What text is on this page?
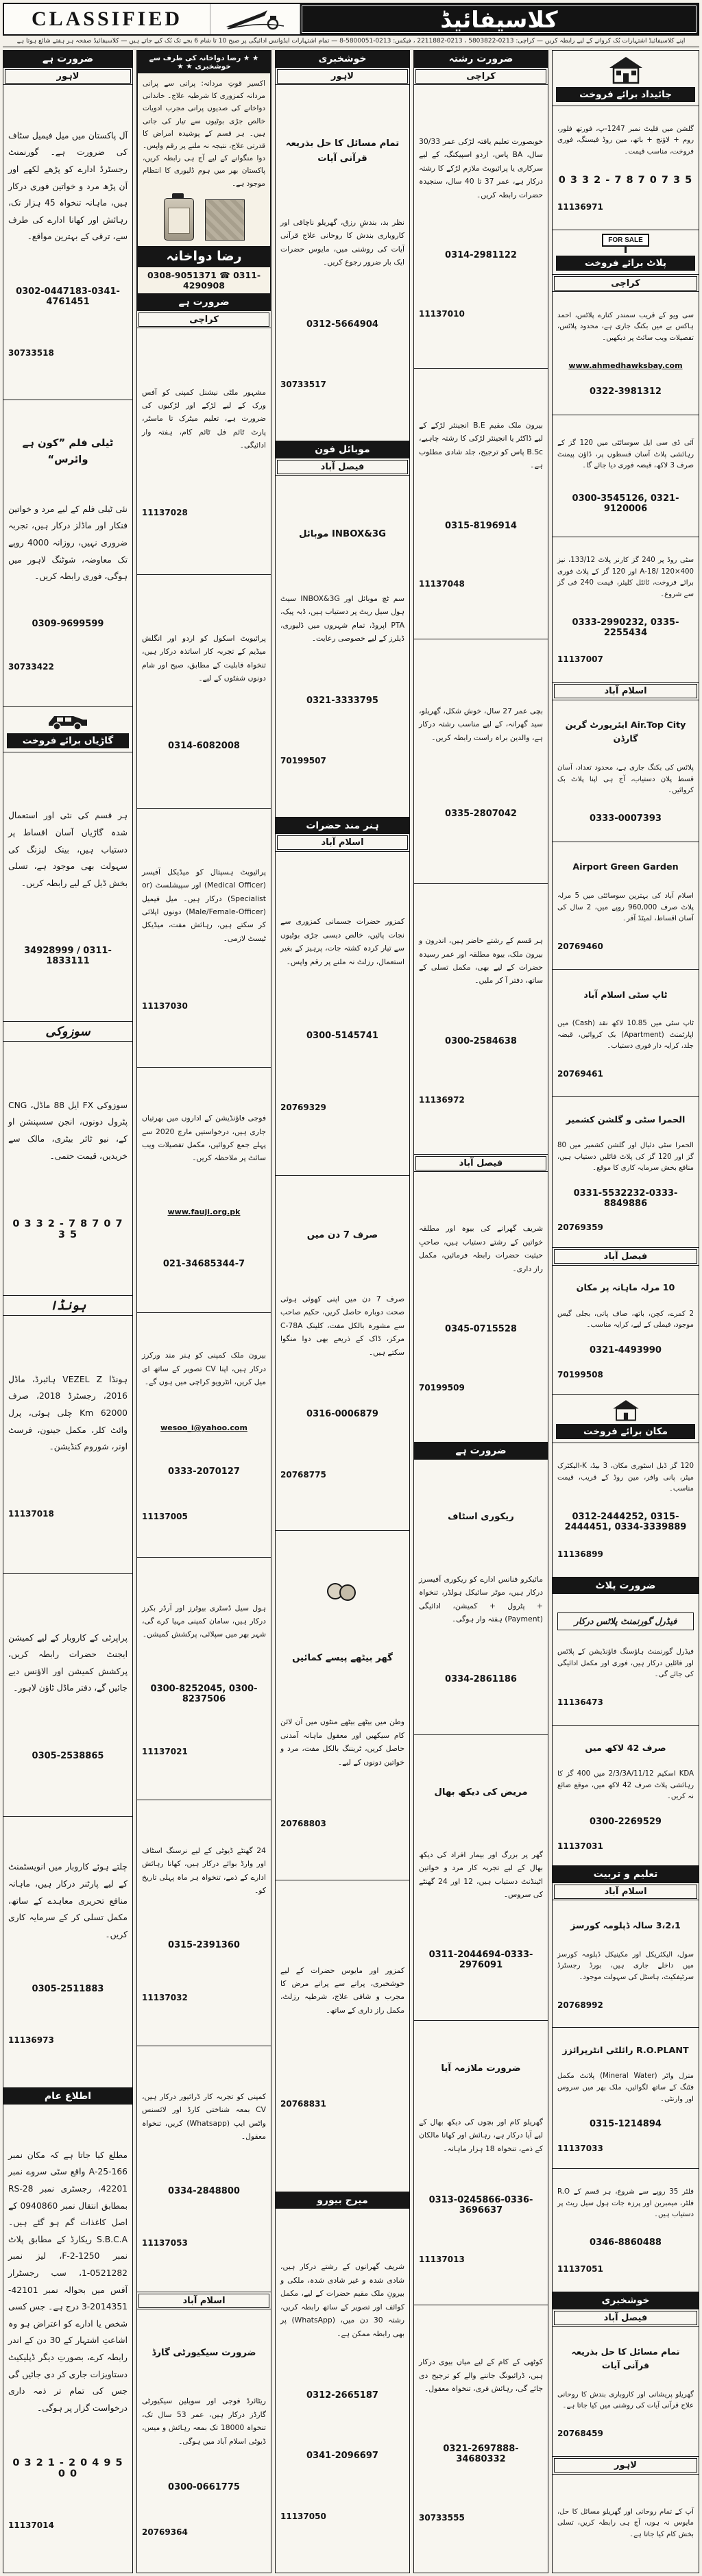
CLASSIFIED	کلاسیفائیڈ
اپنے کلاسیفائیڈ اشتہارات بُک کروانے کے لیے رابطہ کریں — کراچی: 0213-5803822 ، 0213-2211882 ، فیکس: 0213-5800051-8 — تمام اشتہارات ایڈوانس ادائیگی پر صبح 10 تا شام 6 بجے تک بُک کیے جاتے ہیں — کلاسیفائیڈ صفحہ ہر ہفتے شائع ہوتا ہے
ضرورت ہے
لاہور
آل پاکستان میں میل فیمیل سٹاف کی ضرورت ہے۔ گورنمنٹ رجسٹرڈ ادارے کو پڑھے لکھے اور اَن پڑھ مرد و خواتین فوری درکار ہیں، ماہانہ تنخواہ 45 ہزار تک، رہائش اور کھانا ادارے کی طرف سے، ترقی کے بہترین مواقع۔
0302-0447183-0341-4761451
30733518
ٹیلی فلم ”کون ہے وائرس“
نئی ٹیلی فلم کے لیے مرد و خواتین فنکار اور ماڈلز درکار ہیں، تجربہ ضروری نہیں، روزانہ 4000 روپے تک معاوضہ، شوٹنگ لاہور میں ہوگی، فوری رابطہ کریں۔
0309-9699599
30733422
گاڑیاں برائے فروخت
ہر قسم کی نئی اور استعمال شدہ گاڑیاں آسان اقساط پر دستیاب ہیں، بینک لیزنگ کی سہولت بھی موجود ہے، تسلی بخش ڈیل کے لیے رابطہ کریں۔
34928999 / 0311-1833111
سوزوکی
سوزوکی FX ایل 88 ماڈل، CNG پٹرول دونوں، انجن سسپنشن او کے، نیو ٹائر بیٹری، مالک سے خریدیں، قیمت حتمی۔
0 3 3 2 - 7 8 7 0 7 3 5
ہونڈا
ہونڈا VEZEL Z ہائبرڈ، ماڈل 2016، رجسٹرڈ 2018، صرف 62000 Km چلی ہوئی، پرل وائٹ کلر، مکمل جینون، فرسٹ اونر، شوروم کنڈیشن۔
11137018
پراپرٹی کے کاروبار کے لیے کمیشن ایجنٹ حضرات رابطہ کریں، پرکشش کمیشن اور الاؤنس دیے جائیں گے، دفتر ماڈل ٹاؤن لاہور۔
0305-2538865
چلتے ہوئے کاروبار میں انویسٹمنٹ کے لیے پارٹنر درکار ہیں، ماہانہ منافع تحریری معاہدے کے ساتھ، مکمل تسلی کر کے سرمایہ کاری کریں۔
0305-2511883
11136973
اطلاع عام
مطلع کیا جاتا ہے کہ مکان نمبر 166-25-A واقع سٹی سروے نمبر 42201، رجسٹری نمبر RS-28 بمطابق انتقال نمبر 0940860 کے اصل کاغذات گم ہو گئے ہیں۔ S.B.C.A ریکارڈ کے مطابق پلاٹ نمبر 1250-F-2، لیز نمبر 0521282-1، سب رجسٹرار آفس میں بحوالہ نمبر 42101-2014351-3 درج ہے۔ جس کسی شخص یا ادارے کو اعتراض ہو وہ اشاعتِ اشتہار کے 30 دن کے اندر رابطہ کرے، بصورتِ دیگر ڈپلیکیٹ دستاویزات جاری کر دی جائیں گی جس کی تمام تر ذمہ داری درخواست گزار پر ہوگی۔
0 3 2 1 - 2 0 4 9 5 0 0
11137014
★ ★ رضا دواخانہ کی طرف سے خوشخبری ★ ★
اکسیر قوتِ مردانہ: پرانی سے پرانی مردانہ کمزوری کا شرطیہ علاج۔ خاندانی دواخانے کی صدیوں پرانی مجرب ادویات خالص جڑی بوٹیوں سے تیار کی جاتی ہیں۔ ہر قسم کے پوشیدہ امراض کا قدرتی علاج، نتیجہ نہ ملنے پر رقم واپس۔ دوا منگوانے کے لیے آج ہی رابطہ کریں، پاکستان بھر میں ہوم ڈلیوری کا انتظام موجود ہے۔
رضا دواخانہ
0308-9051371 ☎ 0311-4290908
ضرورت ہے
کراچی
مشہور ملٹی نیشنل کمپنی کو آفس ورک کے لیے لڑکے اور لڑکیوں کی ضرورت ہے، تعلیم میٹرک تا ماسٹر، پارٹ ٹائم فل ٹائم کام، ہفتہ وار ادائیگی۔
11137028
پرائیویٹ اسکول کو اردو اور انگلش میڈیم کے تجربہ کار اساتذہ درکار ہیں، تنخواہ قابلیت کے مطابق، صبح اور شام دونوں شفٹوں کے لیے۔
0314-6082008
پرائیویٹ ہسپتال کو میڈیکل آفیسر (Medical Officer) اور سپیشلسٹ (or Specialist) درکار ہیں۔ میل فیمیل (Male/Female-Officer) دونوں اپلائی کر سکتے ہیں، رہائش مفت، میڈیکل ٹیسٹ لازمی۔
11137030
فوجی فاؤنڈیشن کے اداروں میں بھرتیاں جاری ہیں، درخواستیں مارچ 2020 سے پہلے جمع کروائیں، مکمل تفصیلات ویب سائٹ پر ملاحظہ کریں۔
www.fauji.org.pk
021-34685344-7
بیرون ملک کمپنی کو ہنر مند ورکرز درکار ہیں، اپنا CV تصویر کے ساتھ ای میل کریں، انٹرویو کراچی میں ہوں گے۔
wesoo_i@yahoo.com
0333-2070127
11137005
ہول سیل ڈسٹری بیوٹرز اور آرڈر بکرز درکار ہیں، سامان کمپنی مہیا کرے گی، شہر بھر میں سپلائی، پرکشش کمیشن۔
0300-8252045, 0300-8237506
11137021
24 گھنٹے ڈیوٹی کے لیے نرسنگ اسٹاف اور وارڈ بوائے درکار ہیں، کھانا رہائش ادارے کے ذمے، تنخواہ ہر ماہ پہلی تاریخ کو۔
0315-2391360
11137032
کمپنی کو تجربہ کار ڈرائیور درکار ہیں، CV بمعہ شناختی کارڈ اور لائسنس واٹس ایپ (Whatsapp) کریں، تنخواہ معقول۔
0334-2848800
11137053
اسلام آباد
ضرورت سیکیورٹی گارڈ
ریٹائرڈ فوجی اور سویلین سیکیورٹی گارڈز درکار ہیں، عمر 53 سال تک، تنخواہ 18000 تک بمعہ رہائش و میس، ڈیوٹی اسلام آباد میں ہوگی۔
0300-0661775
20769364
خوشخبری
لاہور
تمام مسائل کا حل بذریعہ قرآنی آیات
نظر بد، بندشِ رزق، گھریلو ناچاقی اور کاروباری بندش کا روحانی علاج قرآنی آیات کی روشنی میں، مایوس حضرات ایک بار ضرور رجوع کریں۔
0312-5664904
30733517
موبائل فون
فیصل آباد
INBOX&3G موبائل
سم ٹچ موبائل اور INBOX&3G سیٹ ہول سیل ریٹ پر دستیاب ہیں، ڈبہ پیک، PTA اپروڈ، تمام شہروں میں ڈلیوری، ڈیلرز کے لیے خصوصی رعایت۔
0321-3333795
70199507
ہنر مند حضرات
اسلام آباد
کمزور حضرات جسمانی کمزوری سے نجات پائیں، خالص دیسی جڑی بوٹیوں سے تیار کردہ کشتہ جات، پرہیز کے بغیر استعمال، رزلٹ نہ ملنے پر رقم واپس۔
0300-5145741
20769329
صرف 7 دن میں
صرف 7 دن میں اپنی کھوئی ہوئی صحت دوبارہ حاصل کریں، حکیم صاحب سے مشورہ بالکل مفت، کلینک C-78A مرکز، ڈاک کے ذریعے بھی دوا منگوا سکتے ہیں۔
0316-0006879
20768775
گھر بیٹھے پیسے کمائیں
وطن میں بیٹھے بیٹھے منٹوں میں آن لائن کام سیکھیں اور معقول ماہانہ آمدنی حاصل کریں، ٹریننگ بالکل مفت، مرد و خواتین دونوں کے لیے۔
20768803
کمزور اور مایوس حضرات کے لیے خوشخبری، پرانے سے پرانے مرض کا مجرب و شافی علاج، شرطیہ رزلٹ، مکمل راز داری کے ساتھ۔
20768831
میرج بیورو
شریف گھرانوں کے رشتے درکار ہیں، شادی شدہ و غیر شادی شدہ، ملکی و بیرونِ ملک مقیم حضرات کے لیے، مکمل کوائف اور تصویر کے ساتھ رابطہ کریں، رشتہ 30 دن میں، (WhatsApp) پر بھی رابطہ ممکن ہے۔
0312-2665187
0341-2096697
11137050
ضرورت رشتہ
کراچی
خوبصورت تعلیم یافتہ لڑکی عمر 30/33 سال، BA پاس، اردو اسپیکنگ، کے لیے سرکاری یا پرائیویٹ ملازم لڑکے کا رشتہ درکار ہے، عمر 37 تا 40 سال، سنجیدہ حضرات رابطہ کریں۔
0314-2981122
11137010
بیرون ملک مقیم B.E انجینئر لڑکے کے لیے ڈاکٹر یا انجینئر لڑکی کا رشتہ چاہیے، B.Sc پاس کو ترجیح، جلد شادی مطلوب ہے۔
0315-8196914
11137048
بچی عمر 27 سال، خوش شکل، گھریلو، سید گھرانہ، کے لیے مناسب رشتہ درکار ہے، والدین براہ راست رابطہ کریں۔
0335-2807042
ہر قسم کے رشتے حاضر ہیں، اندرون و بیرون ملک، بیوہ مطلقہ اور عمر رسیدہ حضرات کے لیے بھی، مکمل تسلی کے ساتھ، دفتر آ کر ملیں۔
0300-2584638
11136972
فیصل آباد
شریف گھرانے کی بیوہ اور مطلقہ خواتین کے رشتے دستیاب ہیں، صاحبِ حیثیت حضرات رابطہ فرمائیں، مکمل راز داری۔
0345-0715528
70199509
ضرورت ہے
ریکوری اسٹاف
مائیکرو فنانس ادارے کو ریکوری آفیسرز درکار ہیں، موٹر سائیکل ہولڈر، تنخواہ + پٹرول + کمیشن، ادائیگی (Payment) ہفتہ وار ہوگی۔
0334-2861186
مریض کی دیکھ بھال
گھر پر بزرگ اور بیمار افراد کی دیکھ بھال کے لیے تجربہ کار مرد و خواتین اٹینڈنٹ دستیاب ہیں، 12 اور 24 گھنٹے کی سروس۔
0311-2044694-0333-2976091
ضرورت ملازمہ آیا
گھریلو کام اور بچوں کی دیکھ بھال کے لیے آیا درکار ہے، رہائش اور کھانا مالکان کے ذمے، تنخواہ 18 ہزار ماہانہ۔
0313-0245866-0336-3696637
11137013
کوٹھی کے کام کے لیے میاں بیوی درکار ہیں، ڈرائیونگ جاننے والے کو ترجیح دی جائے گی، رہائش فری، تنخواہ معقول۔
0321-2697888-34680332
30733555
جائیداد برائے فروخت
گلشن میں فلیٹ نمبر 1247-پ، فورتھ فلور، روم + لاؤنج + باتھ، مین روڈ فیسنگ، فوری فروخت، مناسب قیمت۔
0 3 3 2 - 7 8 7 0 7 3 5
11136971
FOR SALE
پلاٹ برائے فروخت
کراچی
سی ویو کے قریب سمندر کنارے پلاٹس، احمد ہاکس بے میں بکنگ جاری ہے، محدود پلاٹس، تفصیلات ویب سائٹ پر دیکھیں۔
www.ahmedhawksbay.com
0322-3981312
آئی ڈی سی ایل سوسائٹی میں 120 گز کے رہائشی پلاٹ آسان قسطوں پر، ڈاؤن پیمنٹ صرف 3 لاکھ، قبضہ فوری دیا جائے گا۔
0300-3545126, 0321-9120006
سٹی روڈ پر 240 گز کارنر پلاٹ 133/12، نیز 400×120 /18-A اور 120 گز کے پلاٹ فوری برائے فروخت، ٹائٹل کلیئر، قیمت 240 فی گز سے شروع۔
0333-2990232, 0335-2255434
11137007
اسلام آباد
Air.Top City ایئرپورٹ گرین گارڈن
پلاٹس کی بکنگ جاری ہے، محدود تعداد، آسان قسط پلان دستیاب، آج ہی اپنا پلاٹ بک کروائیں۔
0333-0007393
Airport Green Garden
اسلام آباد کی بہترین سوسائٹی میں 5 مرلہ پلاٹ صرف 960,000 روپے میں، 2 سال کی آسان اقساط، لمیٹڈ آفر۔
20769460
ٹاپ سٹی اسلام آباد
ٹاپ سٹی میں 10.85 لاکھ نقد (Cash) میں اپارٹمنٹ (Apartment) بک کروائیں، قبضہ جلد، کرایہ دار فوری دستیاب۔
20769461
الحمرا سٹی و گلشن کشمیر
الحمرا سٹی دئیال اور گلشن کشمیر میں 80 گز اور 120 گز کی پلاٹ فائلیں دستیاب ہیں، منافع بخش سرمایہ کاری کا موقع۔
0331-5532232-0333-8849886
20769359
فیصل آباد
10 مرلہ ماہانہ پر مکان
2 کمرے، کچن، باتھ، صاف پانی، بجلی گیس موجود، فیملی کے لیے، کرایہ مناسب۔
0321-4493990
70199508
مکان برائے فروخت
120 گز ڈبل اسٹوری مکان، 3 بیڈ، K-الیکٹرک میٹر، پانی وافر، مین روڈ کے قریب، قیمت مناسب۔
0312-2444252, 0315-2444451, 0334-3339889
11136899
ضرورت پلاٹ
فیڈرل گورنمنٹ پلاٹس درکار
فیڈرل گورنمنٹ ہاؤسنگ فاؤنڈیشن کے پلاٹس اور فائلیں درکار ہیں، فوری اور مکمل ادائیگی کی جائے گی۔
11136473
صرف 42 لاکھ میں
KDA اسکیم 2/3/3A/11/12 میں 400 گز کا رہائشی پلاٹ صرف 42 لاکھ میں، موقع ضائع نہ کریں۔
0300-2269529
11137031
تعلیم و تربیت
اسلام آباد
3،2،1 سالہ ڈپلومہ کورسز
سول، الیکٹریکل اور مکینیکل ڈپلومہ کورسز میں داخلے جاری ہیں، بورڈ رجسٹرڈ سرٹیفکیٹ، ہاسٹل کی سہولت موجود۔
20768992
R.O.PLANT رائلٹی انٹرپرائزز
منرل واٹر (Mineral Water) پلانٹ مکمل فٹنگ کے ساتھ لگوائیں، ملک بھر میں سروس اور وارنٹی۔
0315-1214894
11137033
فلٹر 35 روپے سے شروع، ہر قسم کے R.O فلٹر، میمبرین اور پرزہ جات ہول سیل ریٹ پر دستیاب ہیں۔
0346-8860488
11137051
خوشخبری
فیصل آباد
تمام مسائل کا حل بذریعہ قرآنی آیات
گھریلو پریشانی اور کاروباری بندش کا روحانی علاج قرآنی آیات کی روشنی میں کیا جاتا ہے۔
20768459
لاہور
آپ کے تمام روحانی اور گھریلو مسائل کا حل، مایوس نہ ہوں، آج ہی رابطہ کریں، تسلی بخش کام کیا جاتا ہے۔
